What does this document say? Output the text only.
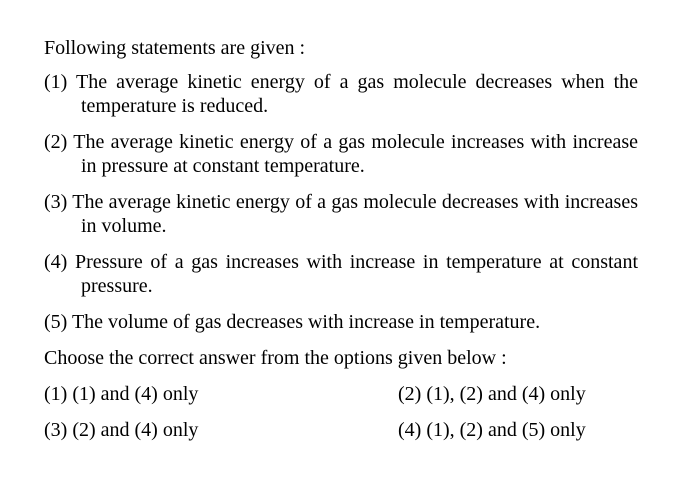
Following statements are given :

(1) The average kinetic energy of a gas molecule decreases when the temperature is reduced.

(2) The average kinetic energy of a gas molecule increases with increase in pressure at constant temperature.

(3) The average kinetic energy of a gas molecule decreases with increases in volume.

(4) Pressure of a gas increases with increase in temperature at constant pressure.

(5) The volume of gas decreases with increase in temperature.

Choose the correct answer from the options given below :

(1) (1) and (4) only	(2) (1), (2) and (4) only
(3) (2) and (4) only	(4) (1), (2) and (5) only
